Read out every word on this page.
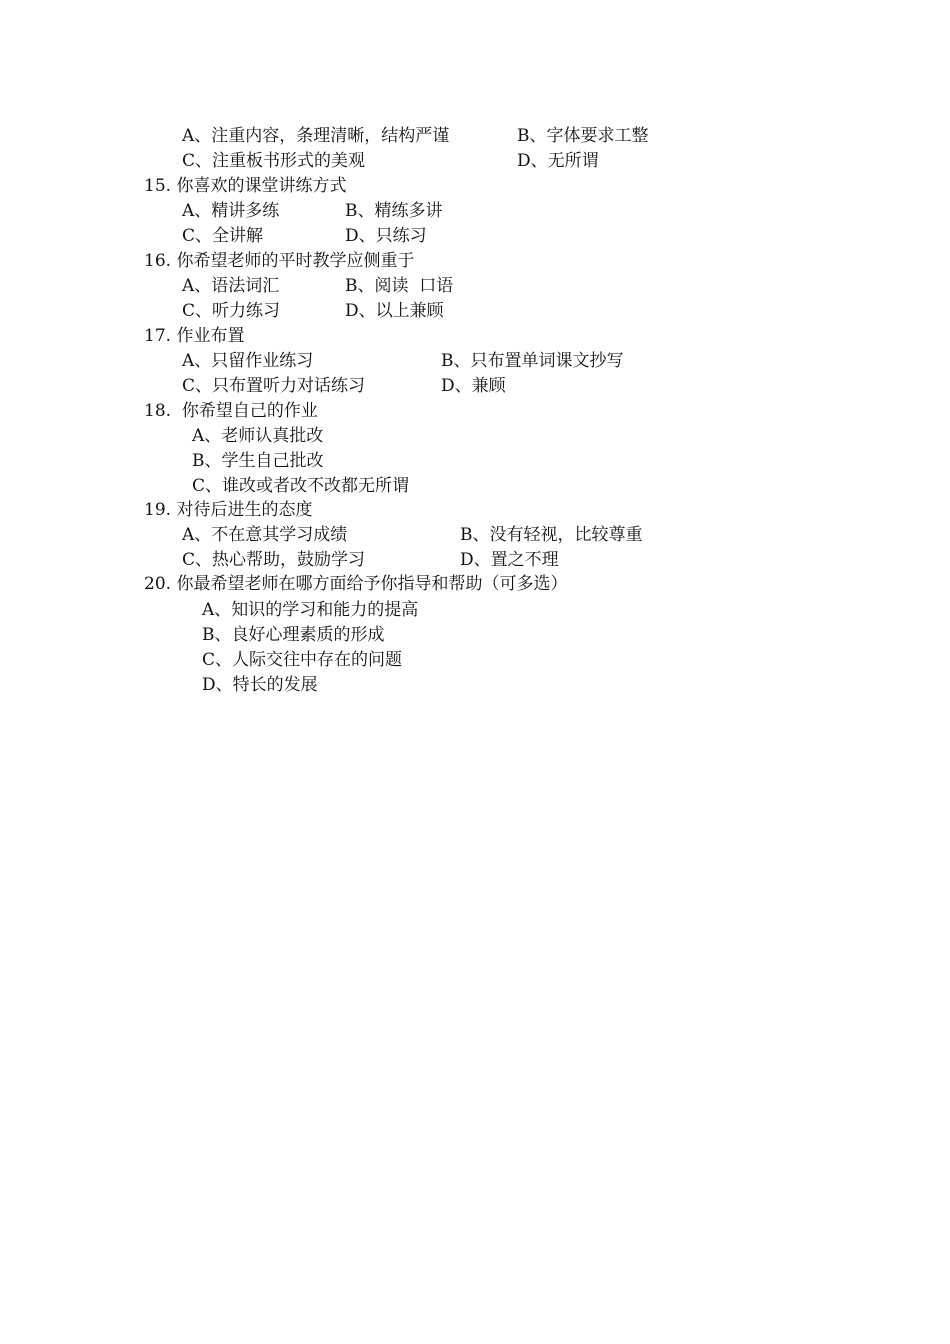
A、注重内容，条理清晰，结构严谨	B、字体要求工整
C、注重板书形式的美观	D、无所谓
15. 你喜欢的课堂讲练方式
A、精讲多练	B、精练多讲
C、全讲解	D、只练习
16. 你希望老师的平时教学应侧重于
A、语法词汇	B、阅读  口语
C、听力练习	D、以上兼顾
17. 作业布置
A、只留作业练习	B、只布置单词课文抄写
C、只布置听力对话练习	D、兼顾
18.  你希望自己的作业
A、老师认真批改
B、学生自己批改
C、谁改或者改不改都无所谓
19. 对待后进生的态度
A、不在意其学习成绩	B、没有轻视，比较尊重
C、热心帮助，鼓励学习	D、置之不理
20. 你最希望老师在哪方面给予你指导和帮助（可多选）
A、知识的学习和能力的提高
B、良好心理素质的形成
C、人际交往中存在的问题
D、特长的发展
